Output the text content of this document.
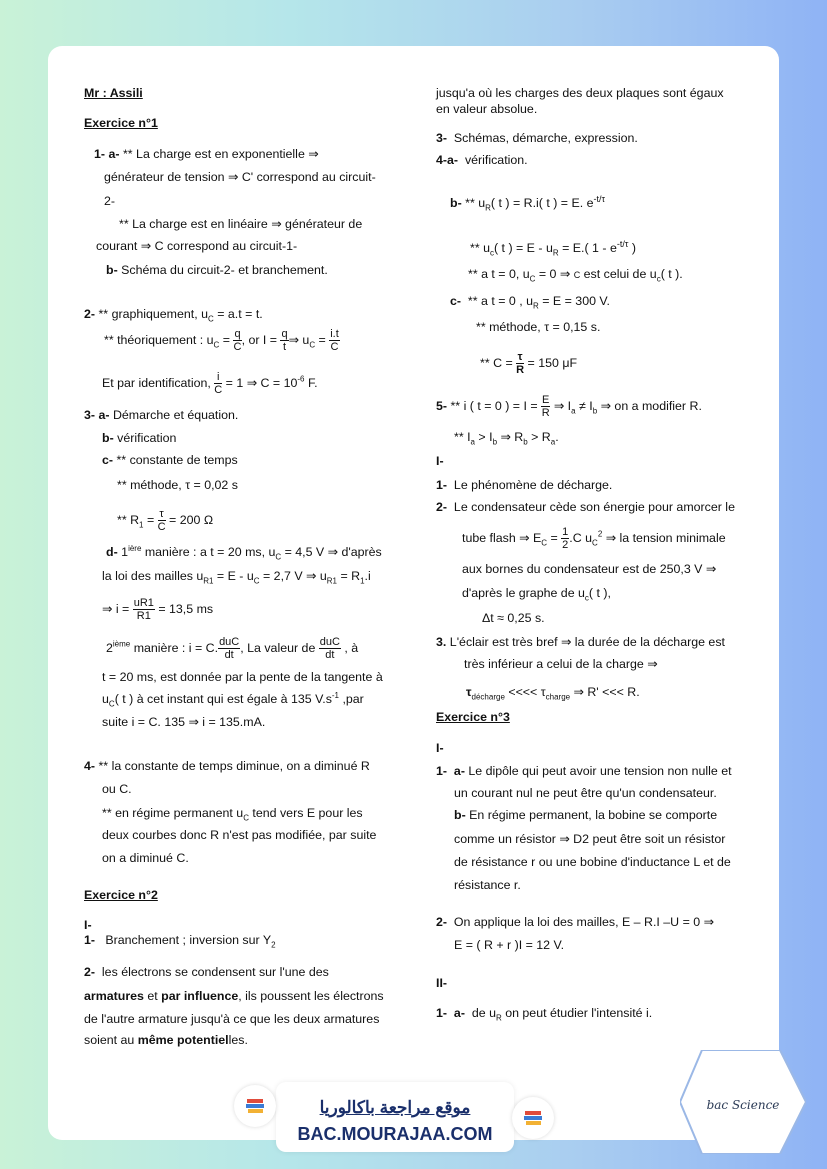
Mr : Assili
Exercice n°1
1- a- ** La charge est en exponentielle ⇒
générateur de tension ⇒ C' correspond au circuit-
2-
** La charge est en linéaire ⇒ générateur de
courant ⇒ C correspond au circuit-1-
b- Schéma du circuit-2- et branchement.
2- ** graphiquement, $u_C = a.t = t$.
** théoriquement : $u_C = \frac{q}{C}$ , or $I = \frac{q}{t}$ ⇒ $u_C = \frac{i.t}{C}$
Et par identification, $\frac{i}{C} = 1$ ⇒ $C = 10^{-6}$ F.
3- a- Démarche et équation.
b- vérification
c- ** constante de temps
** méthode, τ = 0,02 s
** $R_1 = \frac{\tau}{C} = 200$ Ω
d- $1^{ière}$ manière : a t = 20 ms, $u_C = 4,5$ V ⇒ d'après
la loi des mailles $u_{R1} = E - u_C = 2,7$ V ⇒ $u_{R1} = R_1.i$
⇒ $i = \frac{uR1}{R1} = 13,5$ ms
2ième manière : i = C. $\frac{\text{duC}}{dt}$ , La valeur de $\frac{\text{duC}}{dt}$ , à
t = 20 ms, est donnée par la pente de la tangente à
$u_C$( t ) à cet instant qui est égale à 135 $V.s^{-1}$ ,par
suite i = C. 135 ⇒ i = 135.mA.
4- ** la constante de temps diminue, on a diminué R
ou C.
** en régime permanent $u_C$ tend vers E pour les
deux courbes donc R n'est pas modifiée, par suite
on a diminué C.
Exercice n°2
I-
1- Branchement ; inversion sur $Y_2$
2- les électrons se condensent sur l'une des
armatures et par influence, ils poussent les électrons
de l'autre armature jusqu'à ce que les deux armatures
soient au même potentielles.
jusqu'a où les charges des deux plaques sont égaux
en valeur absolue.
3- Schémas, démarche, expression.
4-a- vérification.
$b- ** u_R$( t ) = R.i( t ) = E. $e^{-t/\tau}$
** $u_c$( t ) = $E - u_R = E$.( $1 - e^{-t/\tau}$ )
** a t = 0, $u_C = 0$ ⇒ C est celui de $u_c$( t ).
c- ** a t = 0 , $u_R = E = 300$ V.
** méthode, τ = 0,15 s.
** $C = \frac{\tau}{R} = 150$ μF
5- ** i ( t = 0 ) = $I = \frac{E}{R}$ ⇒ $I_a \ne I_b$ ⇒ on a modifier R.
** $I_a > I_b$ ⇒ $R_b > R_a$.
I-
1- Le phénomène de décharge.
2- Le condensateur cède son énergie pour amorcer le
tube flash ⇒ $E_C = \frac{1}{2} .C$ $u_C^2$ ⇒ la tension minimale
aux bornes du condensateur est de 250,3 V ⇒
d'après le graphe de $u_c$( t ),
Δt ≈ 0,25 s.
3. L'éclair est très bref ⇒ la durée de la décharge est
très inférieur a celui de la charge ⇒
$\tau_{décharge}$ <<<< $\tau_{charge}$ ⇒ R' <<< R.
Exercice n°3
I-
1- a- Le dipôle qui peut avoir une tension non nulle et
un courant nul ne peut être qu'un condensateur.
b- En régime permanent, la bobine se comporte
comme un résistor ⇒ D2 peut être soit un résistor
de résistance r ou une bobine d'inductance L et de
résistance r.
2- On applique la loi des mailles, E – R.I –U = 0 ⇒
E = ( R + r )I = 12 V.
II-
1- a- de $u_R$ on peut étudier l'intensité i.
موقع مراجعة باكالوريا
BAC.MOURAJAA.COM
bac Science
